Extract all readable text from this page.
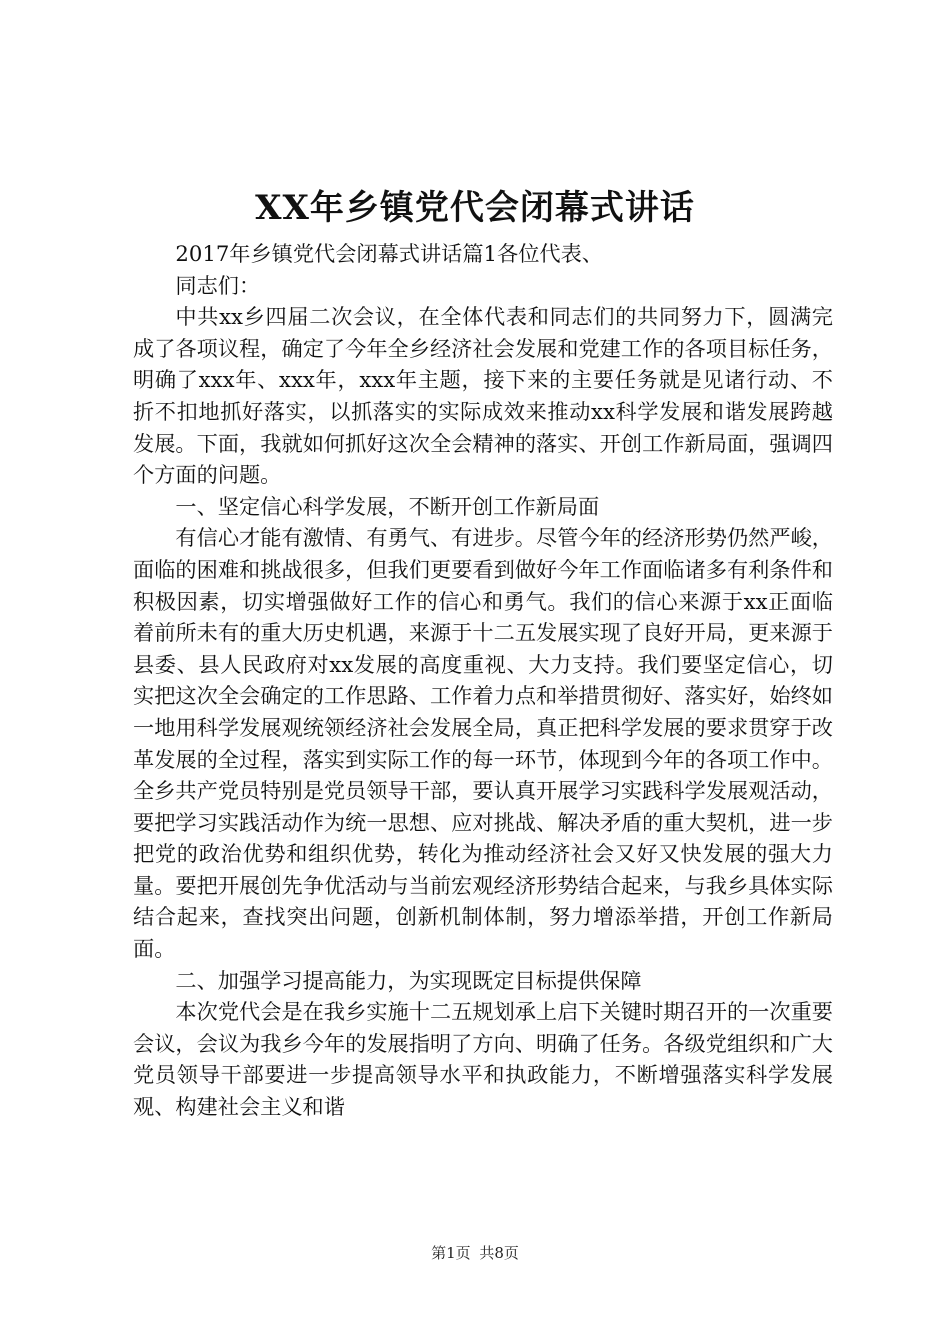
XX年乡镇党代会闭幕式讲话

2017年乡镇党代会闭幕式讲话篇1各位代表、

同志们：

中共xx乡四届二次会议，在全体代表和同志们的共同努力下，圆满完成了各项议程，确定了今年全乡经济社会发展和党建工作的各项目标任务，明确了xxx年、xxx年，xxx年主题，接下来的主要任务就是见诸行动、不折不扣地抓好落实，以抓落实的实际成效来推动xx科学发展和谐发展跨越发展。下面，我就如何抓好这次全会精神的落实、开创工作新局面，强调四个方面的问题。

一、坚定信心科学发展，不断开创工作新局面

有信心才能有激情、有勇气、有进步。尽管今年的经济形势仍然严峻，面临的困难和挑战很多，但我们更要看到做好今年工作面临诸多有利条件和积极因素，切实增强做好工作的信心和勇气。我们的信心来源于xx正面临着前所未有的重大历史机遇，来源于十二五发展实现了良好开局，更来源于县委、县人民政府对xx发展的高度重视、大力支持。我们要坚定信心，切实把这次全会确定的工作思路、工作着力点和举措贯彻好、落实好，始终如一地用科学发展观统领经济社会发展全局，真正把科学发展的要求贯穿于改革发展的全过程，落实到实际工作的每一环节，体现到今年的各项工作中。全乡共产党员特别是党员领导干部，要认真开展学习实践科学发展观活动，要把学习实践活动作为统一思想、应对挑战、解决矛盾的重大契机，进一步把党的政治优势和组织优势，转化为推动经济社会又好又快发展的强大力量。要把开展创先争优活动与当前宏观经济形势结合起来，与我乡具体实际结合起来，查找突出问题，创新机制体制，努力增添举措，开创工作新局面。

二、加强学习提高能力，为实现既定目标提供保障

本次党代会是在我乡实施十二五规划承上启下关键时期召开的一次重要会议，会议为我乡今年的发展指明了方向、明确了任务。各级党组织和广大党员领导干部要进一步提高领导水平和执政能力，不断增强落实科学发展观、构建社会主义和谐

第1页 共8页
